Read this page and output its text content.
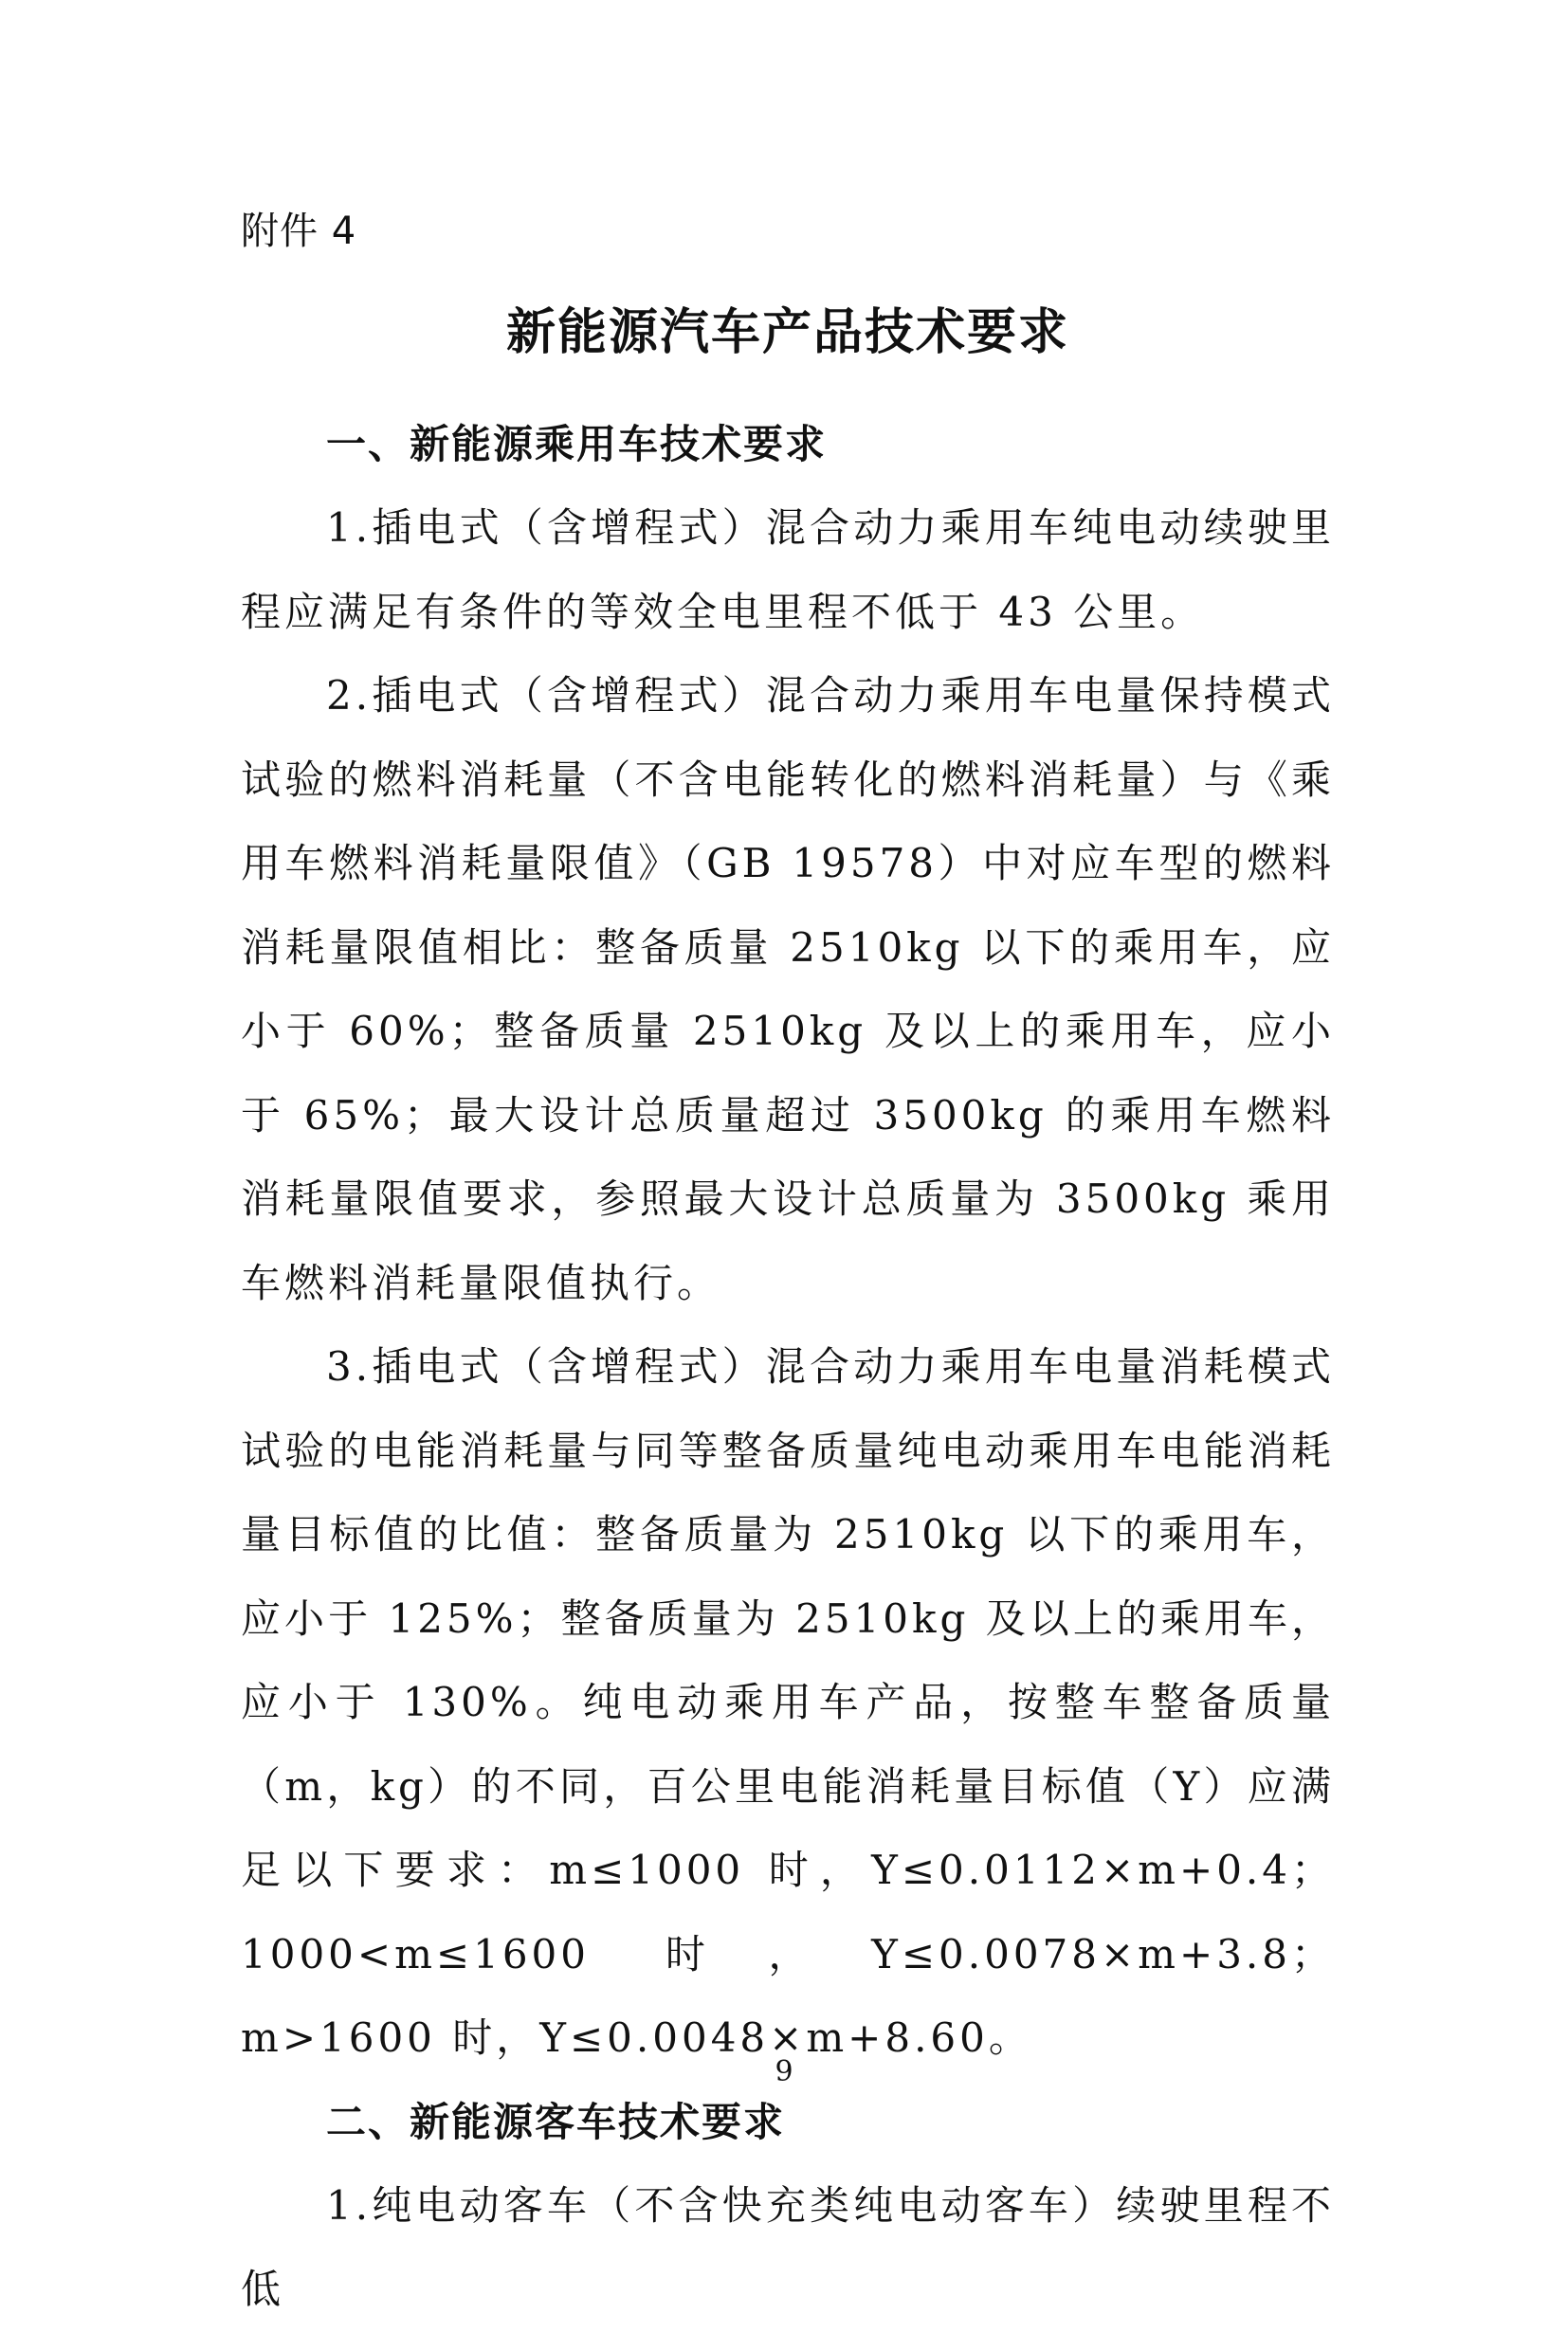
附件 4
新能源汽车产品技术要求

一、新能源乘用车技术要求

1.插电式（含增程式）混合动力乘用车纯电动续驶里程应满足有条件的等效全电里程不低于 43 公里。

2.插电式（含增程式）混合动力乘用车电量保持模式试验的燃料消耗量（不含电能转化的燃料消耗量）与《乘用车燃料消耗量限值》（GB 19578）中对应车型的燃料消耗量限值相比：整备质量 2510kg 以下的乘用车，应小于 60%；整备质量 2510kg 及以上的乘用车，应小于 65%；最大设计总质量超过 3500kg 的乘用车燃料消耗量限值要求，参照最大设计总质量为 3500kg 乘用车燃料消耗量限值执行。

3.插电式（含增程式）混合动力乘用车电量消耗模式试验的电能消耗量与同等整备质量纯电动乘用车电能消耗量目标值的比值：整备质量为 2510kg 以下的乘用车，应小于 125%；整备质量为 2510kg 及以上的乘用车，应小于 130%。纯电动乘用车产品，按整车整备质量（m，kg）的不同，百公里电能消耗量目标值（Y）应满足以下要求：m≤1000 时，Y≤0.0112×m+0.4；1000<m≤1600 时，Y≤0.0078×m+3.8；m>1600 时，Y≤0.0048×m+8.60。

二、新能源客车技术要求

1.纯电动客车（不含快充类纯电动客车）续驶里程不低

9
